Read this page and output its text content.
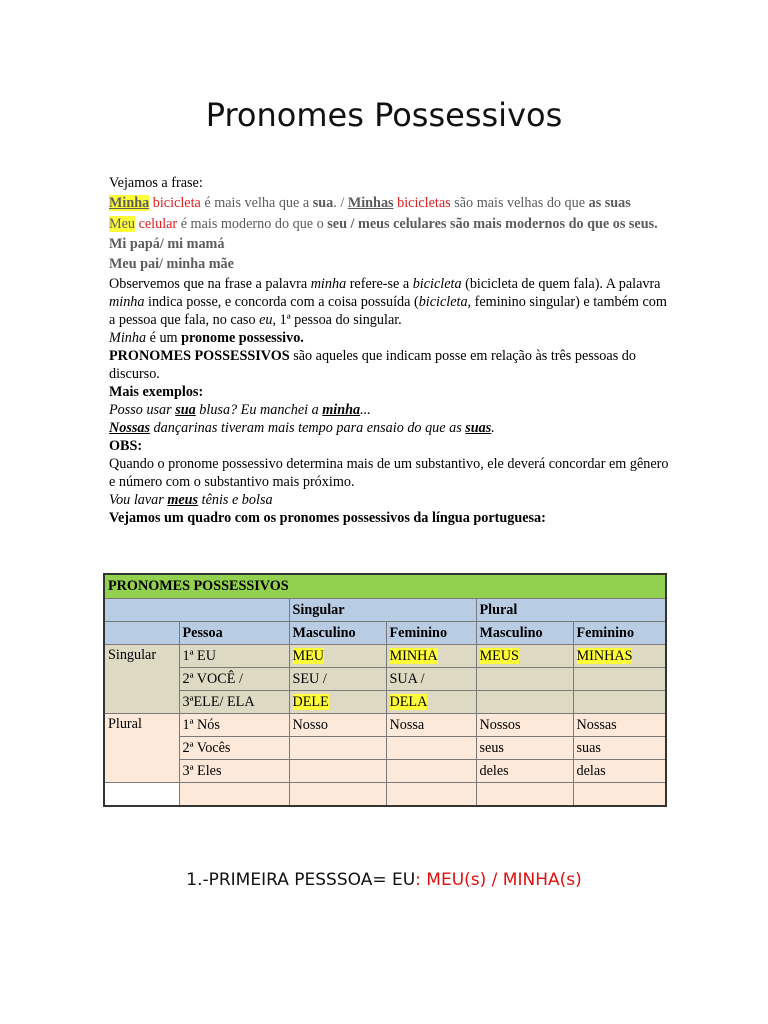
Pronomes Possessivos

Vejamos a frase:

Minha bicicleta é mais velha que a sua. / Minhas bicicletas são mais velhas do que as suas

Meu celular é mais moderno do que o seu / meus celulares são mais modernos do que os seus.

Mi papá/ mi mamá

Meu pai/ minha mãe

Observemos que na frase a palavra minha refere-se a bicicleta (bicicleta de quem fala). A palavra minha indica posse, e concorda com a coisa possuída (bicicleta, feminino singular) e também com a pessoa que fala, no caso eu, 1ª pessoa do singular.

Minha é um pronome possessivo.

PRONOMES POSSESSIVOS são aqueles que indicam posse em relação às três pessoas do discurso.

Mais exemplos:

Posso usar sua blusa? Eu manchei a minha...

Nossas dançarinas tiveram mais tempo para ensaio do que as suas.

OBS:

Quando o pronome possessivo determina mais de um substantivo, ele deverá concordar em gênero e número com o substantivo mais próximo.

Vou lavar meus tênis e bolsa

Vejamos um quadro com os pronomes possessivos da língua portuguesa:

PRONOMES POSSESSIVOS					
		Singular		Plural	
	Pessoa	Masculino	Feminino	Masculino	Feminino
Singular	1ª EU	MEU	MINHA	MEUS	MINHAS
	2ª VOCÊ /	SEU /	SUA /		
	3ªELE/ ELA	DELE	DELA		
Plural	1ª Nós	Nosso	Nossa	Nossos	Nossas
	2ª Vocês			seus	suas
	3ª Eles			deles	delas

1.-PRIMEIRA PESSSOA= EU: MEU(s) / MINHA(s)
